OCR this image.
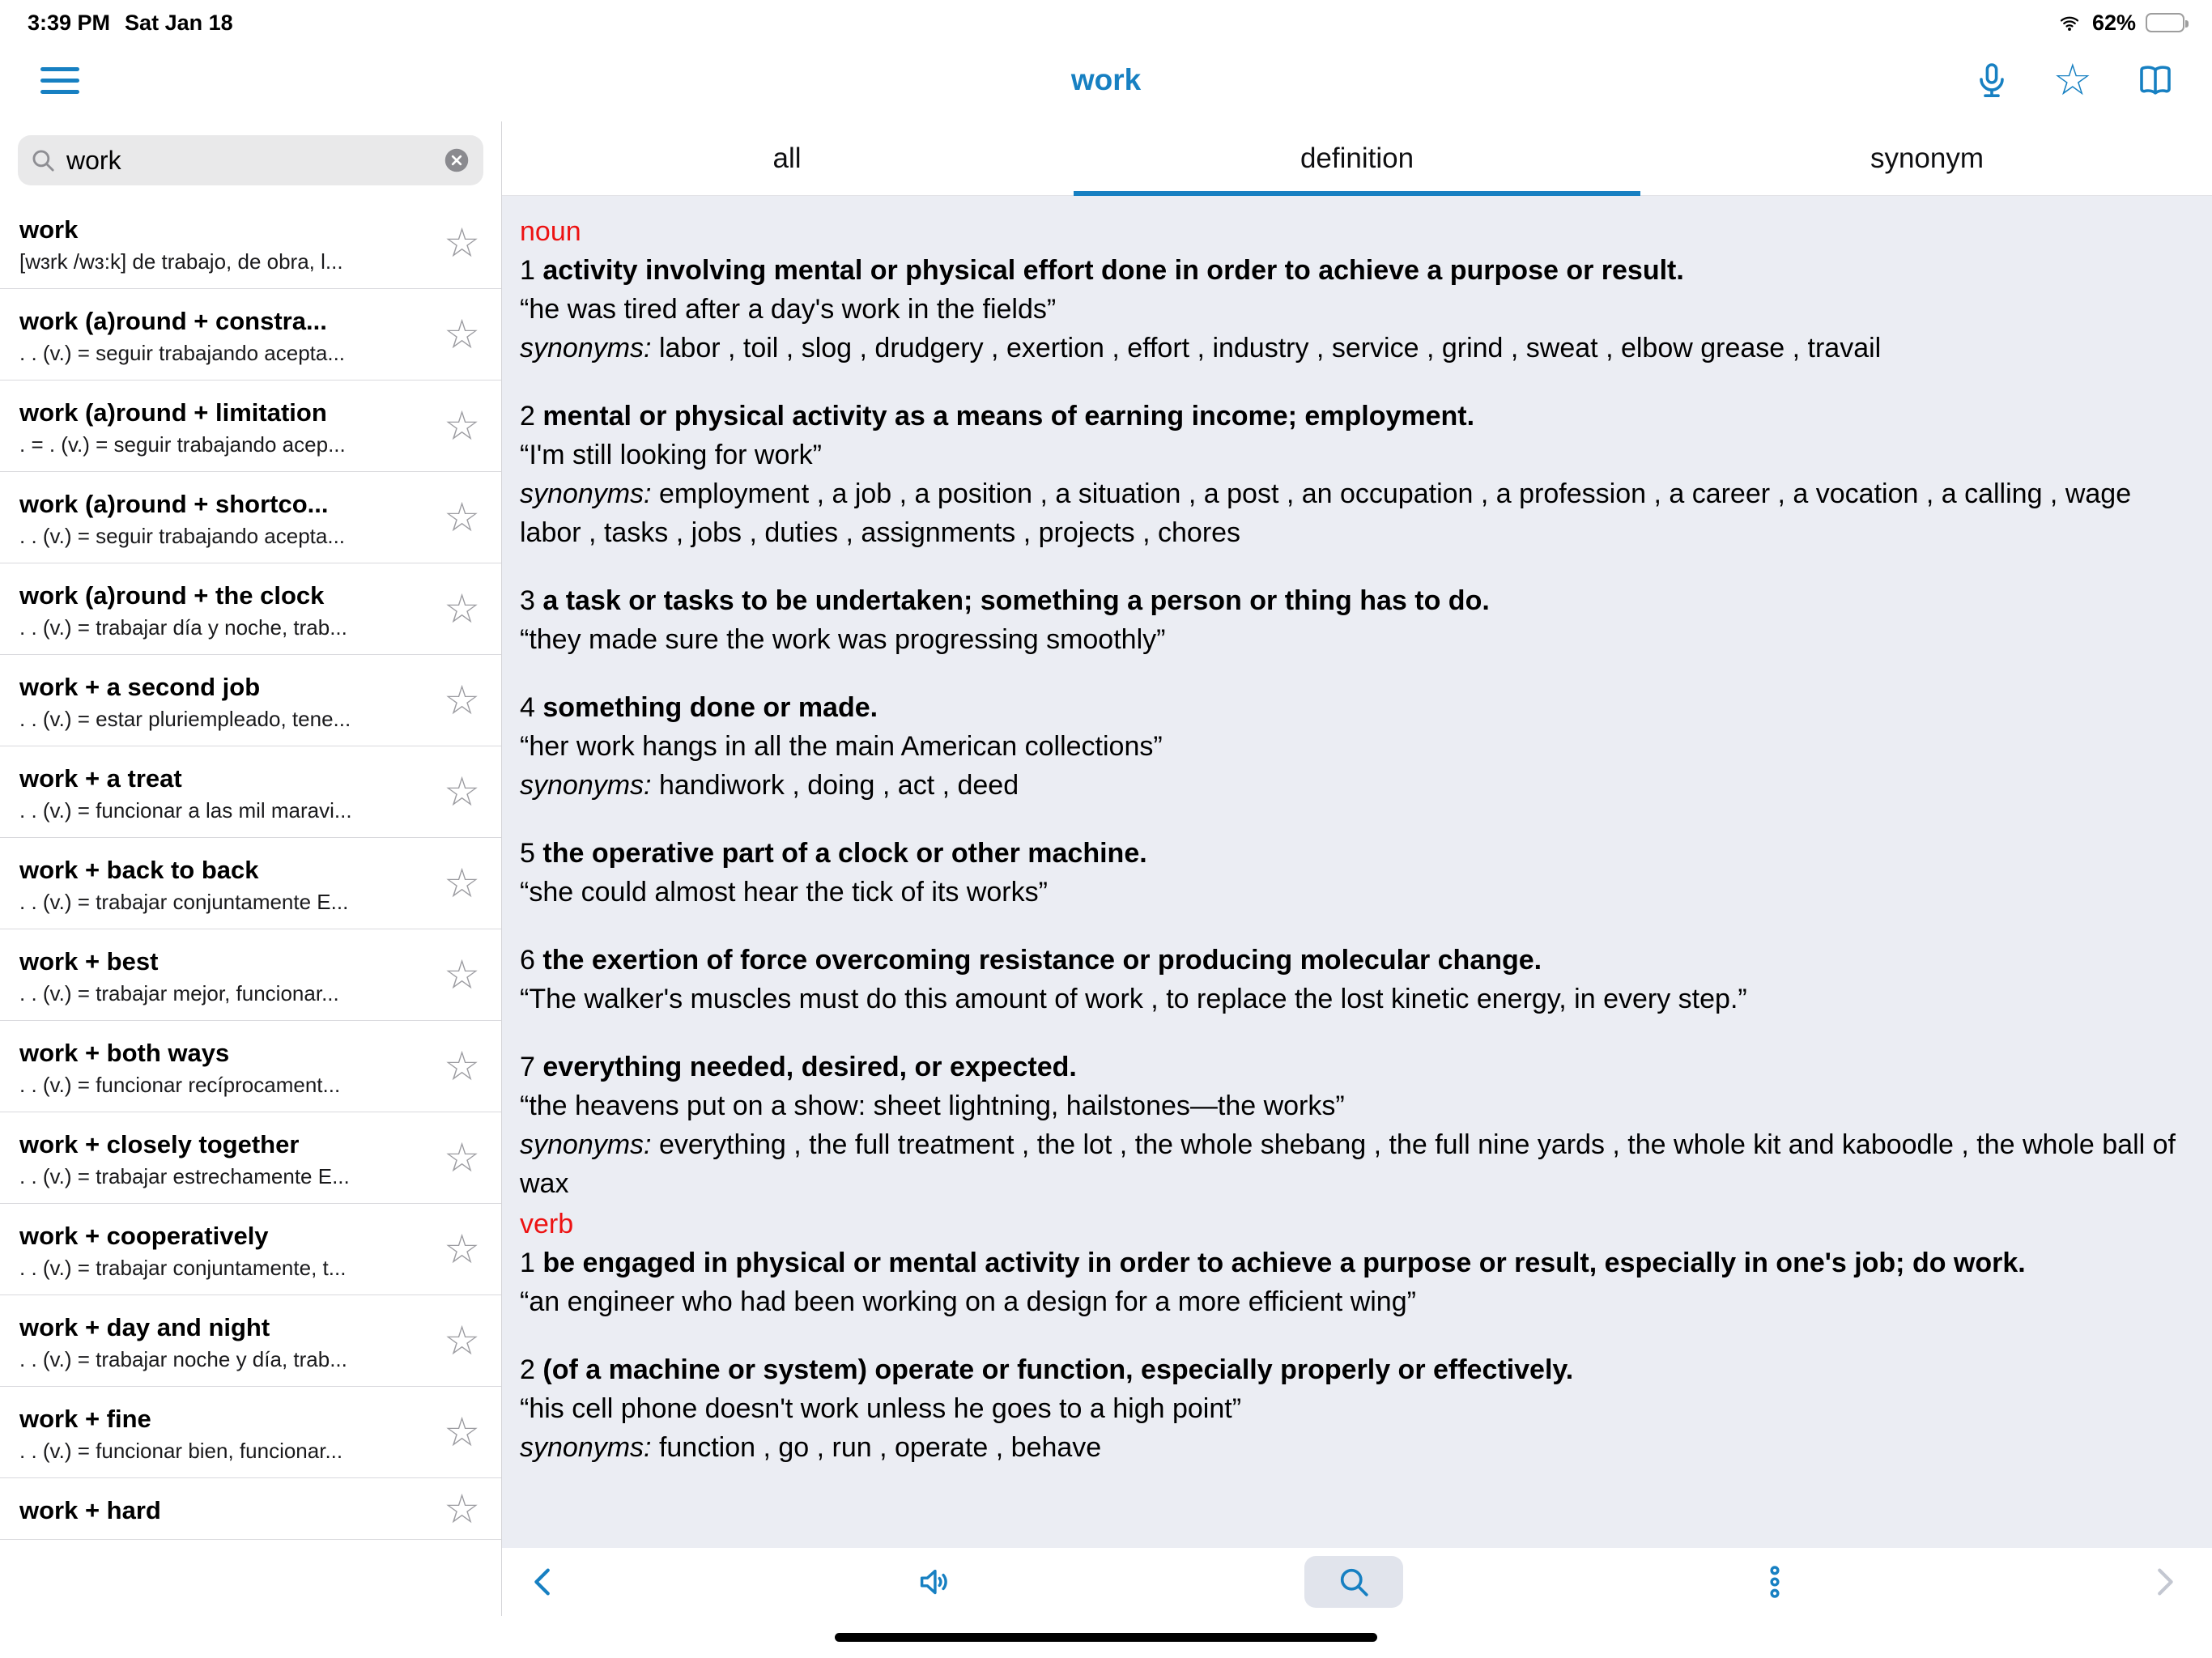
3:39 PM Sat Jan 18	62%
work	☆
work
work
[wɜrk /wɜ:k] de trabajo, de obra, l...	☆
work (a)round + constra...
. . (v.) = seguir trabajando acepta...	☆
work (a)round + limitation
. = . (v.) = seguir trabajando acep...	☆
work (a)round + shortco...
. . (v.) = seguir trabajando acepta...	☆
work (a)round + the clock
. . (v.) = trabajar día y noche, trab...	☆
work + a second job
. . (v.) = estar pluriempleado, tene...	☆
work + a treat
. . (v.) = funcionar a las mil maravi...	☆
work + back to back
. . (v.) = trabajar conjuntamente E...	☆
work + best
. . (v.) = trabajar mejor, funcionar...	☆
work + both ways
. . (v.) = funcionar recíprocament...	☆
work + closely together
. . (v.) = trabajar estrechamente E...	☆
work + cooperatively
. . (v.) = trabajar conjuntamente, t...	☆
work + day and night
. . (v.) = trabajar noche y día, trab...	☆
work + fine
. . (v.) = funcionar bien, funcionar...	☆
work + hard	☆
all	definition	synonym
noun

1 activity involving mental or physical effort done in order to achieve a purpose or result.

“he was tired after a day's work in the fields”

synonyms: labor , toil , slog , drudgery , exertion , effort , industry , service , grind , sweat , elbow grease , travail

2 mental or physical activity as a means of earning income; employment.

“I'm still looking for work”

synonyms: employment , a job , a position , a situation , a post , an occupation , a profession , a career , a vocation , a calling , wage labor , tasks , jobs , duties , assignments , projects , chores

3 a task or tasks to be undertaken; something a person or thing has to do.

“they made sure the work was progressing smoothly”

4 something done or made.

“her work hangs in all the main American collections”

synonyms: handiwork , doing , act , deed

5 the operative part of a clock or other machine.

“she could almost hear the tick of its works”

6 the exertion of force overcoming resistance or producing molecular change.

“The walker's muscles must do this amount of work , to replace the lost kinetic energy, in every step.”

7 everything needed, desired, or expected.

“the heavens put on a show: sheet lightning, hailstones—the works”

synonyms: everything , the full treatment , the lot , the whole shebang , the full nine yards , the whole kit and kaboodle , the whole ball of wax

verb

1 be engaged in physical or mental activity in order to achieve a purpose or result, especially in one's job; do work.

“an engineer who had been working on a design for a more efficient wing”

2 (of a machine or system) operate or function, especially properly or effectively.

“his cell phone doesn't work unless he goes to a high point”

synonyms: function , go , run , operate , behave
